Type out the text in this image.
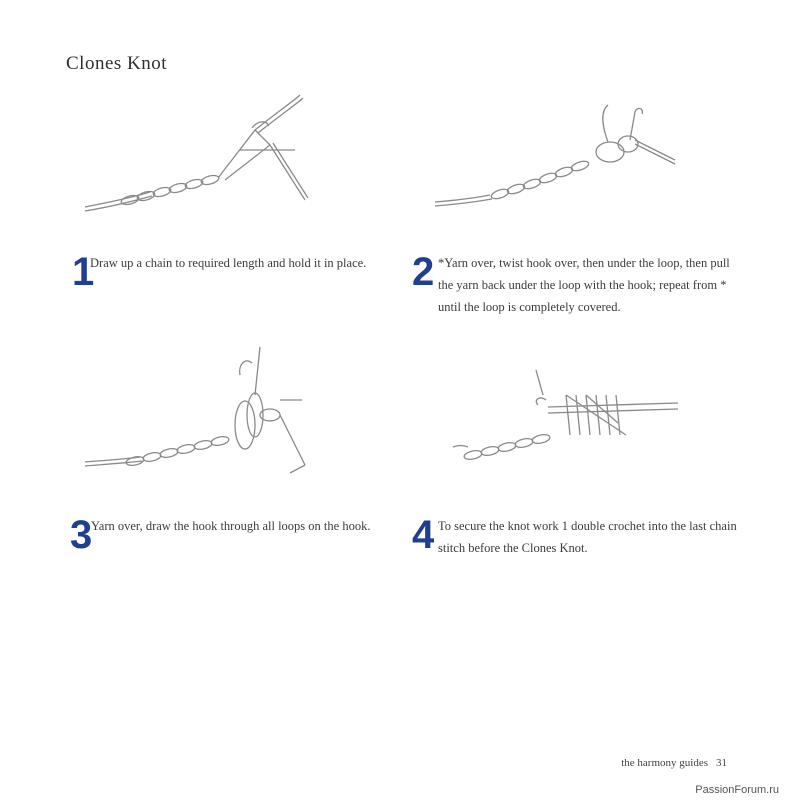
Clones Knot
1
Draw up a chain to required length and hold it in place.	2 *Yarn over, twist hook over, then under the loop, then pull the yarn back under the loop with the hook; repeat from * until the loop is completely covered.
3
Yarn over, draw the hook through all loops on the hook.	4 To secure the knot work 1 double crochet into the last chain stitch before the Clones Knot.
the harmony guides 31
PassionForum.ru
